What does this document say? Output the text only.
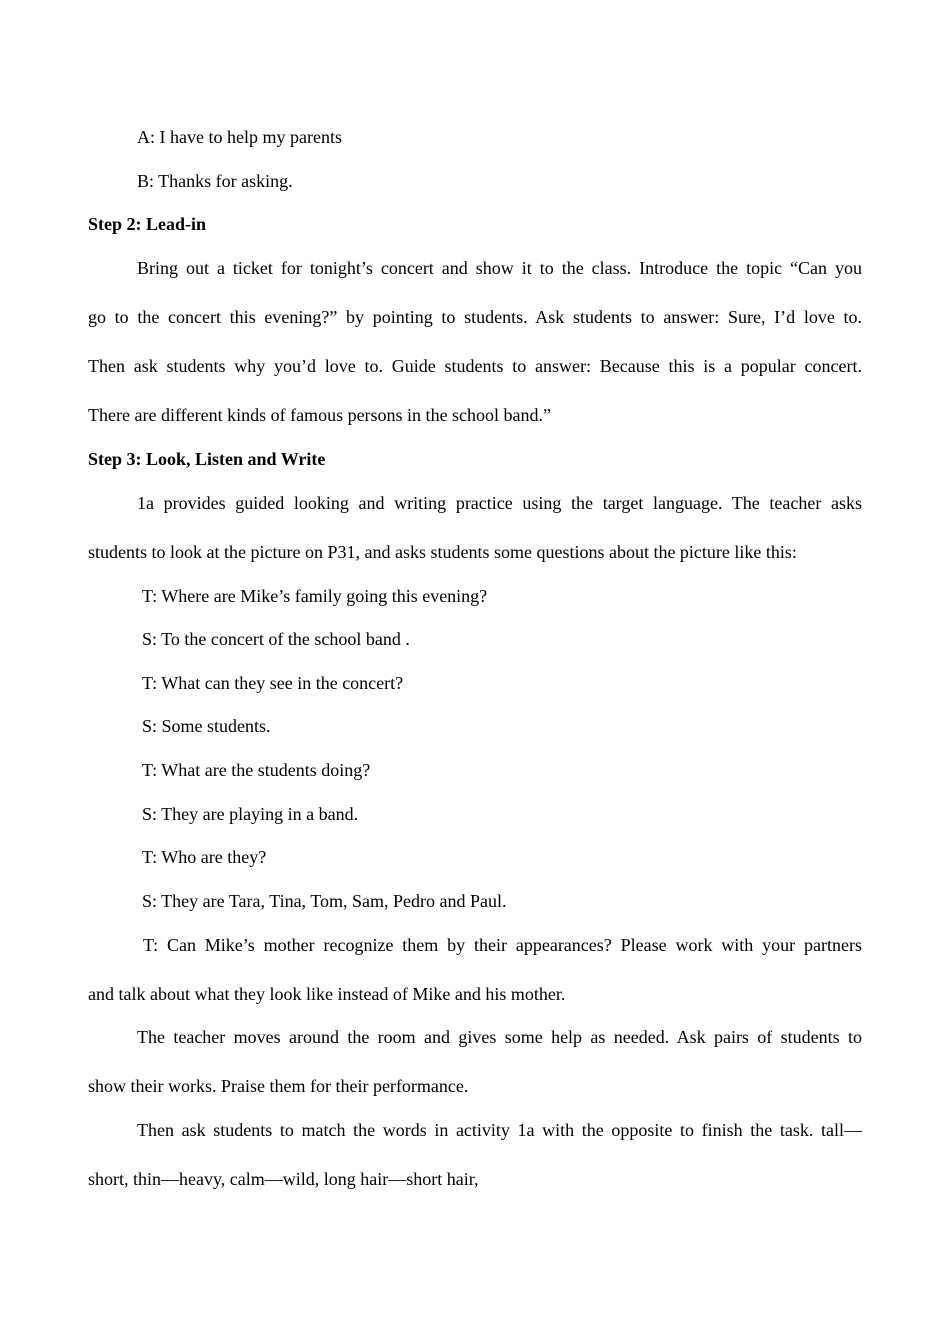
A: I have to help my parents
B: Thanks for asking.
Step 2: Lead-in
Bring out a ticket for tonight’s concert and show it to the class. Introduce the topic “Can you
go to the concert this evening?” by pointing to students. Ask students to answer: Sure, I’d love to.
Then ask students why you’d love to. Guide students to answer: Because this is a popular concert.
There are different kinds of famous persons in the school band.”
Step 3: Look, Listen and Write
1a provides guided looking and writing practice using the target language. The teacher asks
students to look at the picture on P31, and asks students some questions about the picture like this:
T: Where are Mike’s family going this evening?
S: To the concert of the school band .
T: What can they see in the concert?
S: Some students.
T: What are the students doing?
S: They are playing in a band.
T: Who are they?
S: They are Tara, Tina, Tom, Sam, Pedro and Paul.
T: Can Mike’s mother recognize them by their appearances? Please work with your partners
and talk about what they look like instead of Mike and his mother.
The teacher moves around the room and gives some help as needed. Ask pairs of students to
show their works. Praise them for their performance.
Then ask students to match the words in activity 1a with the opposite to finish the task. tall—
short, thin—heavy, calm—wild, long hair—short hair,
